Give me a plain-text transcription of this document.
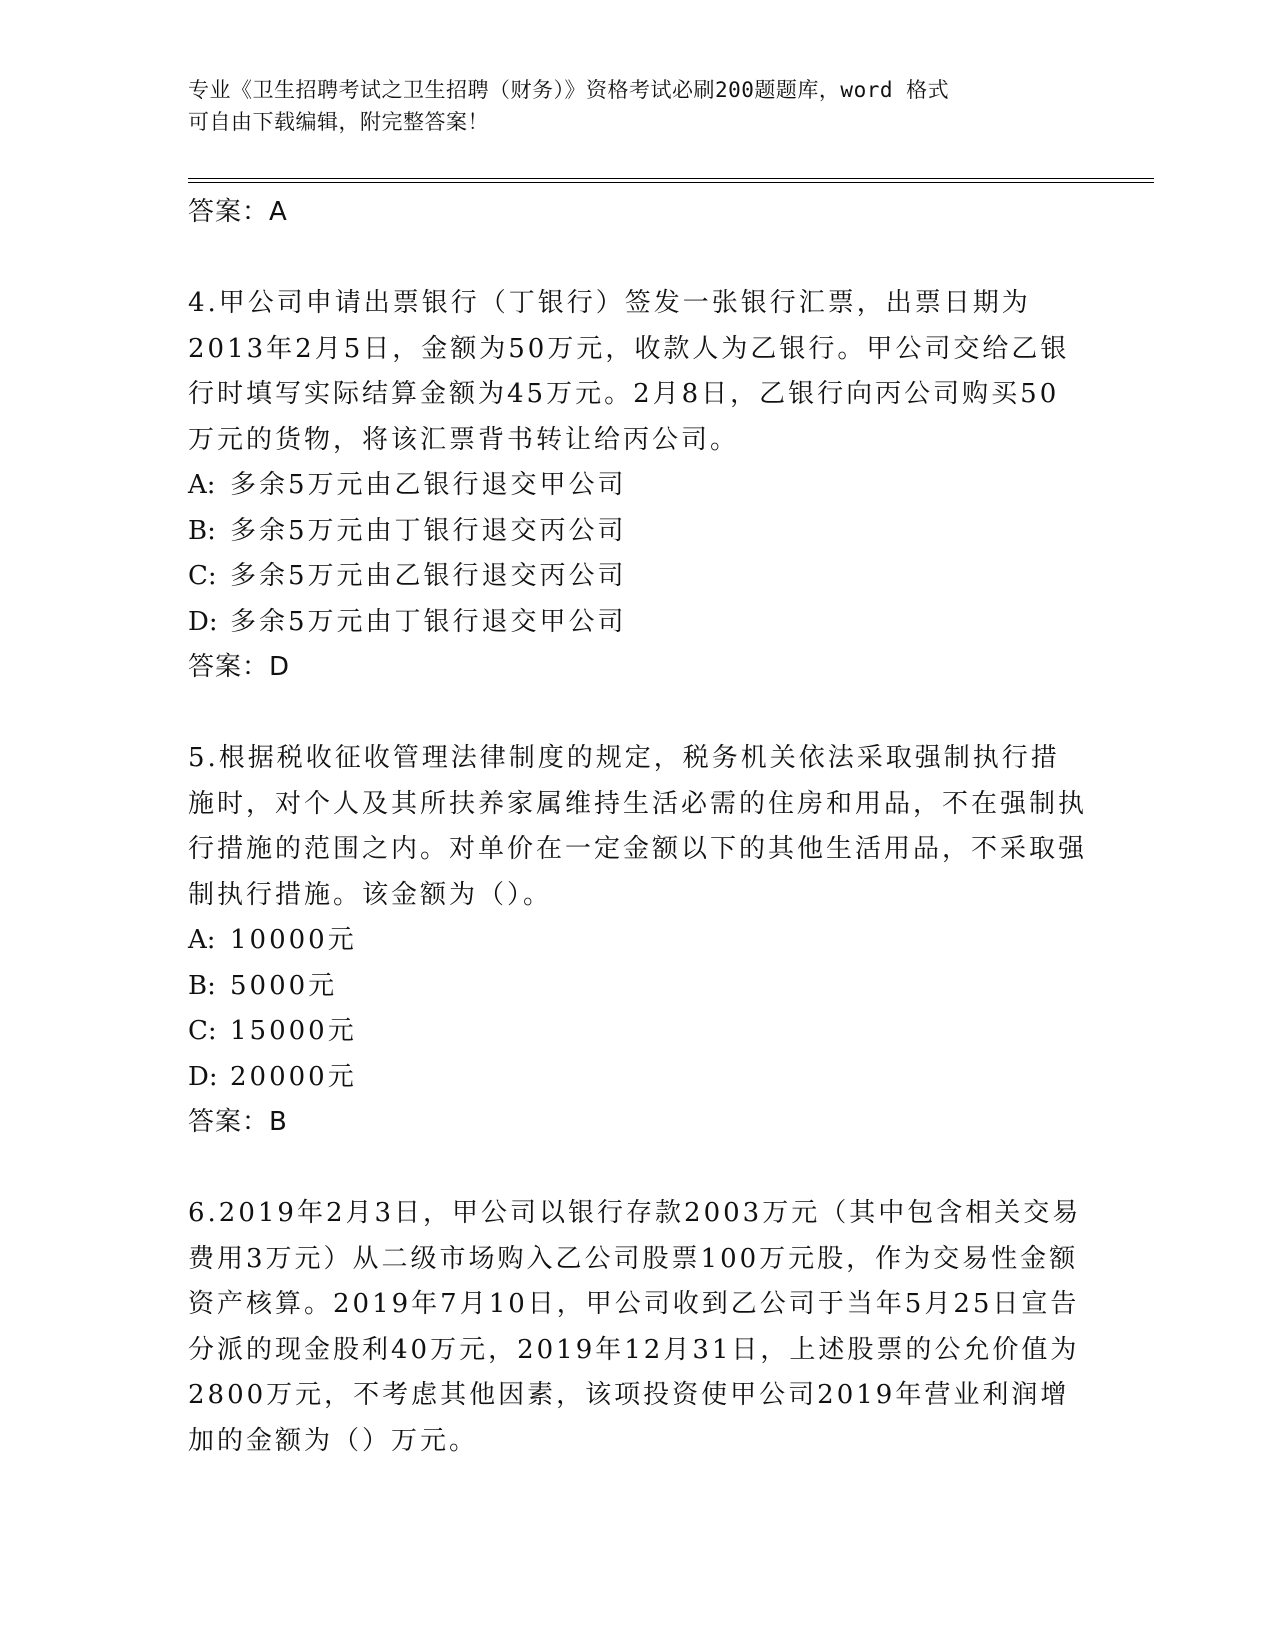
专业《卫生招聘考试之卫生招聘（财务）》资格考试必刷200题题库，word 格式
可自由下载编辑，附完整答案！
答案：A

4.甲公司申请出票银行（丁银行）签发一张银行汇票，出票日期为2013年2月5日，金额为50万元，收款人为乙银行。甲公司交给乙银行时填写实际结算金额为45万元。2月8日，乙银行向丙公司购买50万元的货物，将该汇票背书转让给丙公司。

A: 多余5万元由乙银行退交甲公司
B: 多余5万元由丁银行退交丙公司
C: 多余5万元由乙银行退交丙公司
D: 多余5万元由丁银行退交甲公司
答案：D

5.根据税收征收管理法律制度的规定，税务机关依法采取强制执行措施时，对个人及其所扶养家属维持生活必需的住房和用品，不在强制执行措施的范围之内。对单价在一定金额以下的其他生活用品，不采取强制执行措施。该金额为（）。

A: 10000元
B: 5000元
C: 15000元
D: 20000元
答案：B

6.2019年2月3日，甲公司以银行存款2003万元（其中包含相关交易费用3万元）从二级市场购入乙公司股票100万元股，作为交易性金额资产核算。2019年7月10日，甲公司收到乙公司于当年5月25日宣告分派的现金股利40万元，2019年12月31日，上述股票的公允价值为2800万元，不考虑其他因素，该项投资使甲公司2019年营业利润增加的金额为（）万元。
